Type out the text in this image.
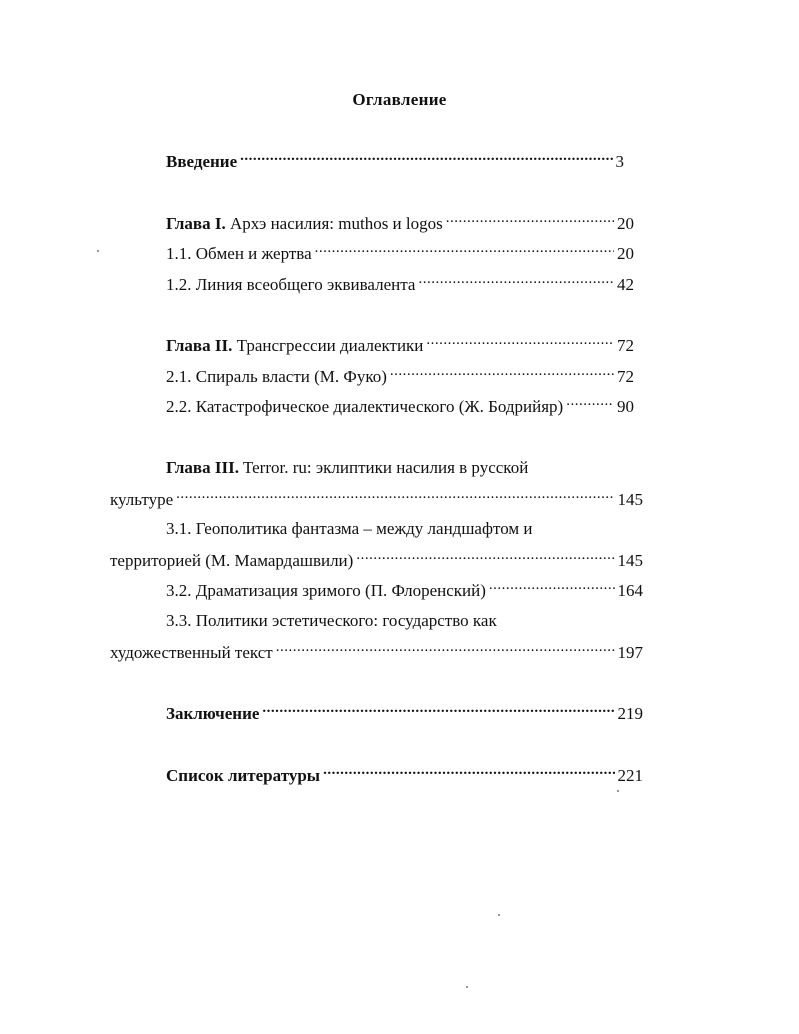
Оглавление
Введение .....	3
Глава I. Архэ насилия: muthos и logos .....	20
1.1. Обмен и жертва .....	20
1.2. Линия всеобщего эквивалента .....	42
Глава II. Трансгрессии диалектики .....	72
2.1. Спираль власти (М. Фуко) .....	72
2.2. Катастрофическое диалектического (Ж. Бодрийяр) .....	90
Глава III. Terror. ru: эклиптики насилия в русской
культуре .....	145
3.1. Геополитика фантазма – между ландшафтом и
территорией (М. Мамардашвили) .....	145
3.2. Драматизация зримого (П. Флоренский) .....	164
3.3. Политики эстетического: государство как
художественный текст .....	197
Заключение .....	219
Список литературы .....	221
